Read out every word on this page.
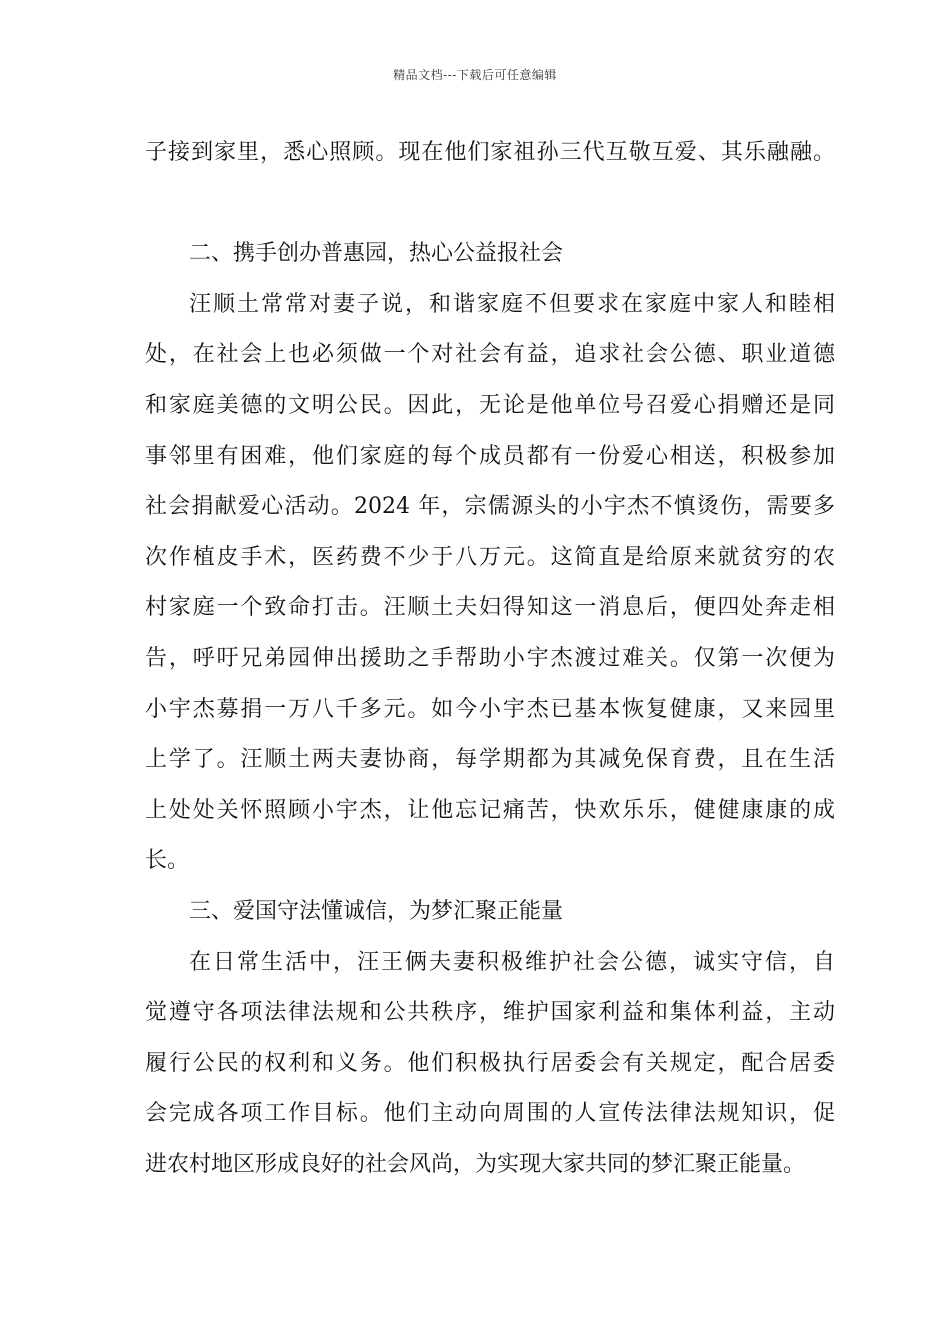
精品文档---下载后可任意编辑
子接到家里，悉心照顾。现在他们家祖孙三代互敬互爱、其乐融融。
二、携手创办普惠园，热心公益报社会
汪顺土常常对妻子说，和谐家庭不但要求在家庭中家人和睦相
处，在社会上也必须做一个对社会有益，追求社会公德、职业道德
和家庭美德的文明公民。因此，无论是他单位号召爱心捐赠还是同
事邻里有困难，他们家庭的每个成员都有一份爱心相送，积极参加
社会捐献爱心活动。2024 年，宗儒源头的小宇杰不慎烫伤，需要多
次作植皮手术，医药费不少于八万元。这简直是给原来就贫穷的农
村家庭一个致命打击。汪顺土夫妇得知这一消息后，便四处奔走相
告，呼吁兄弟园伸出援助之手帮助小宇杰渡过难关。仅第一次便为
小宇杰募捐一万八千多元。如今小宇杰已基本恢复健康，又来园里
上学了。汪顺土两夫妻协商，每学期都为其减免保育费，且在生活
上处处关怀照顾小宇杰，让他忘记痛苦，快欢乐乐，健健康康的成
长。
三、爱国守法懂诚信，为梦汇聚正能量
在日常生活中，汪王俩夫妻积极维护社会公德，诚实守信，自
觉遵守各项法律法规和公共秩序，维护国家利益和集体利益，主动
履行公民的权利和义务。他们积极执行居委会有关规定，配合居委
会完成各项工作目标。他们主动向周围的人宣传法律法规知识，促
进农村地区形成良好的社会风尚，为实现大家共同的梦汇聚正能量。
